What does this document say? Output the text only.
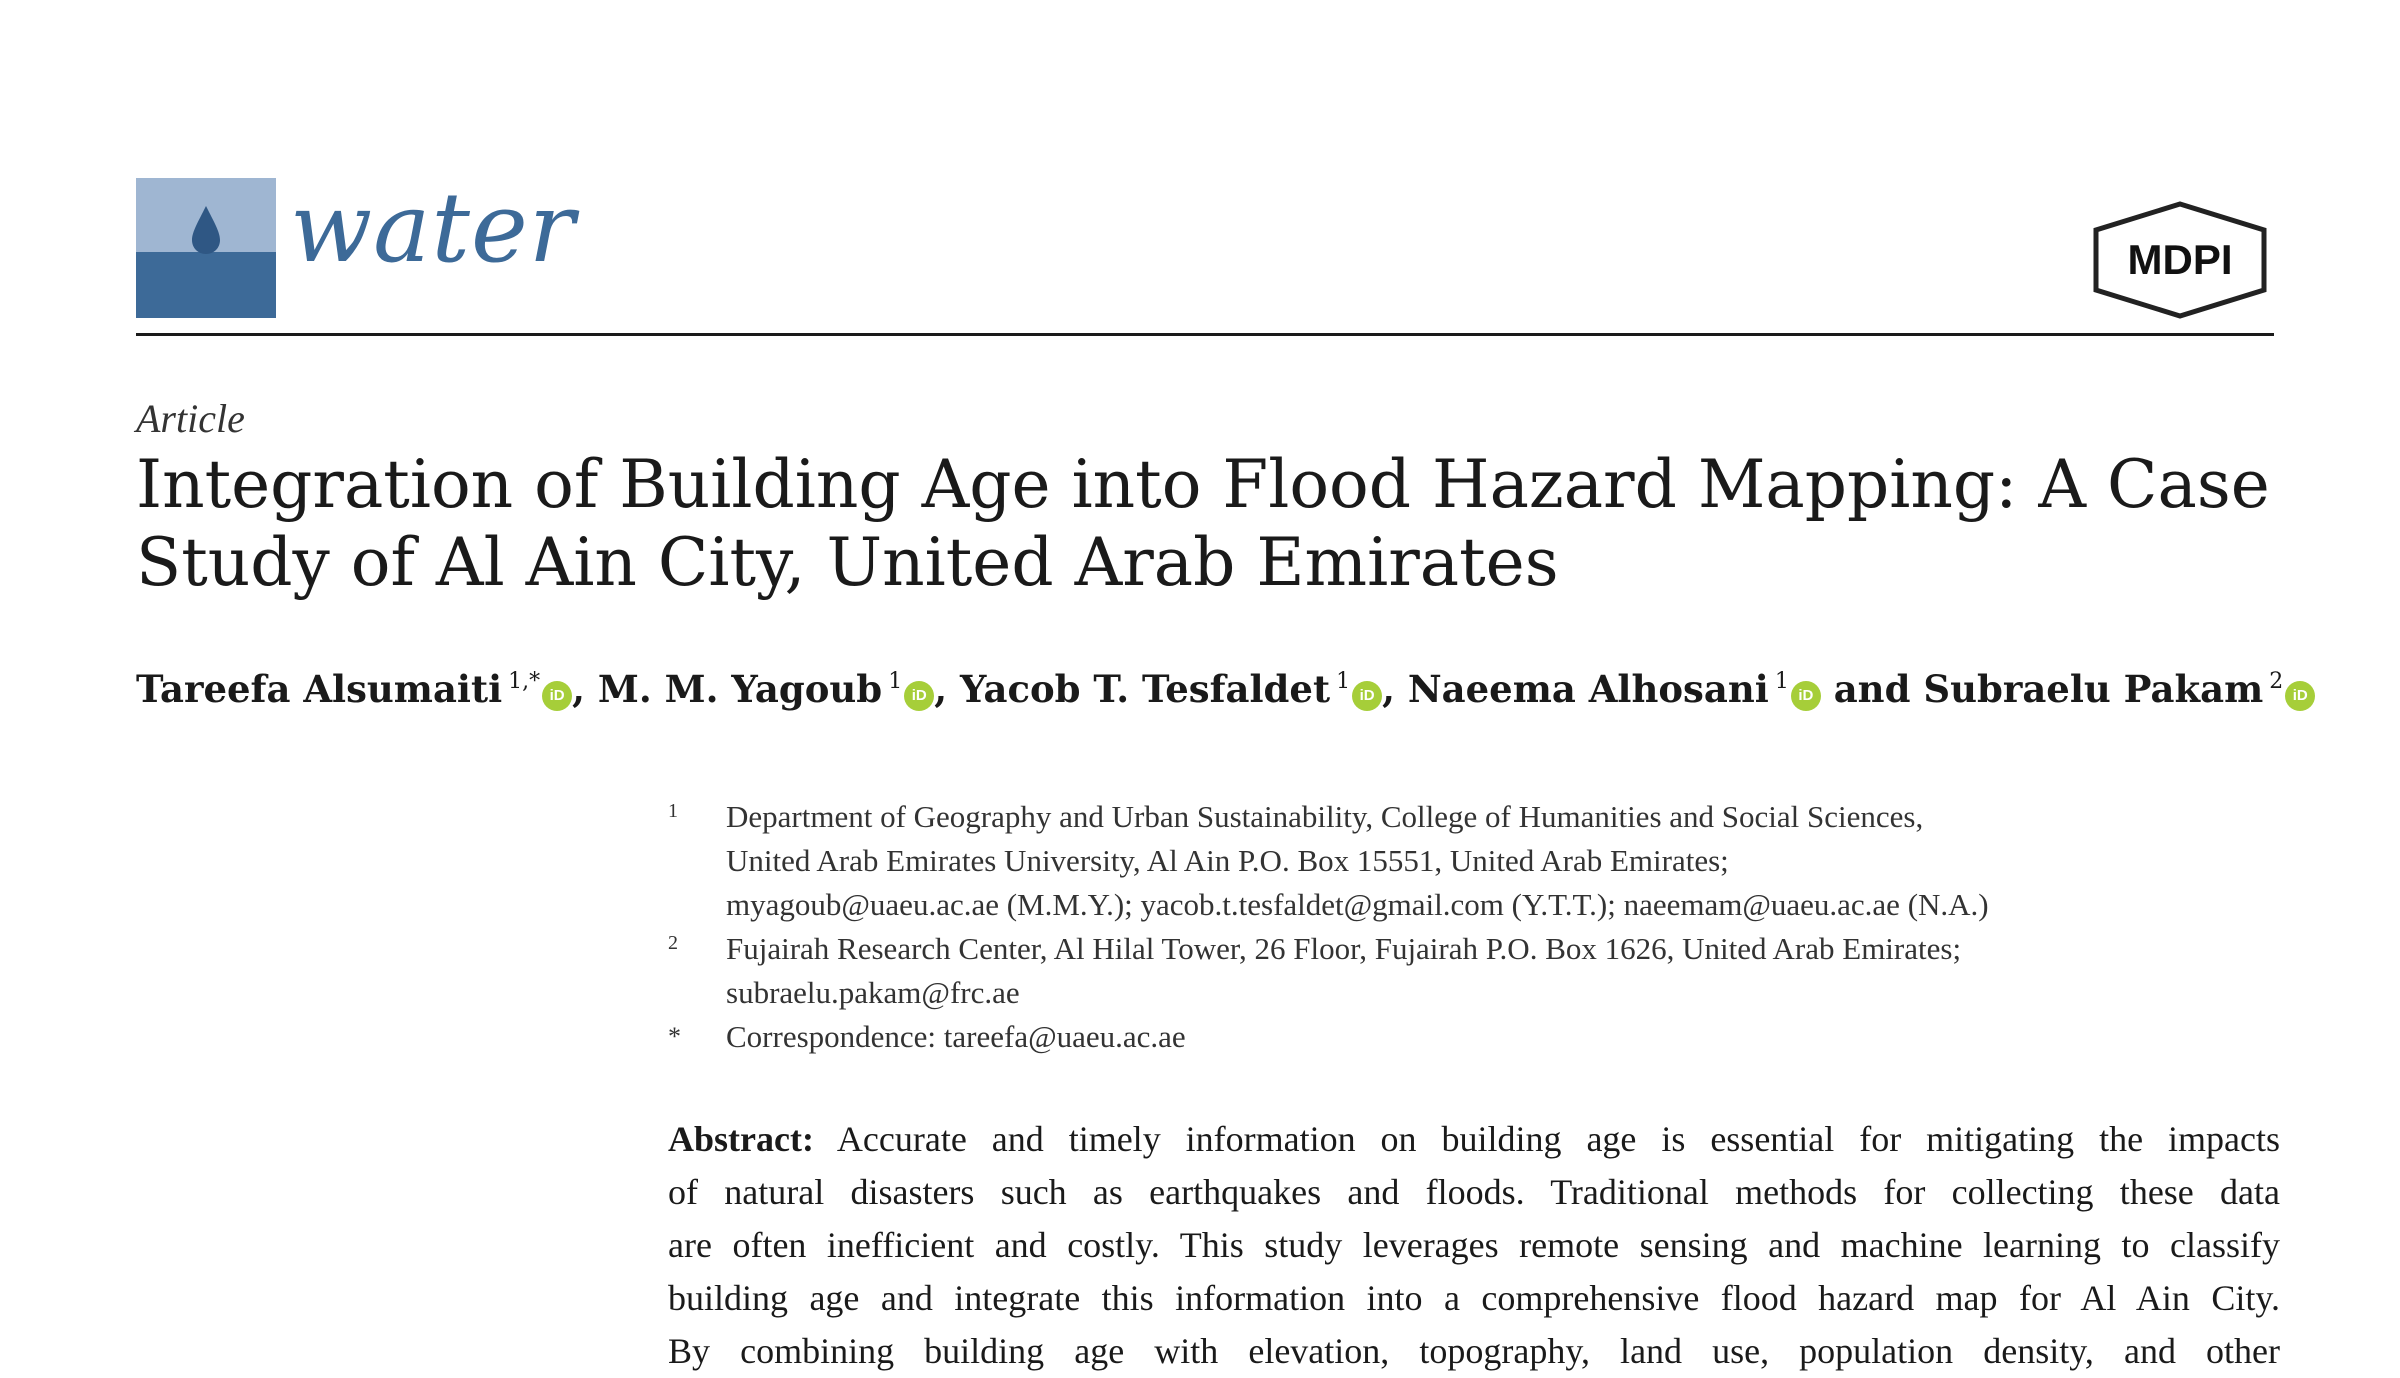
water	MDPI

Article

Integration of Building Age into Flood Hazard Mapping: A Case Study of Al Ain City, United Arab Emirates

Tareefa Alsumaiti $^{1,*}$iD , M. M. Yagoub $^1$iD , Yacob T. Tesfaldet $^1$iD , Naeema Alhosani $^1$iD and Subraelu Pakam $^2$iD

1 Department of Geography and Urban Sustainability, College of Humanities and Social Sciences,
United Arab Emirates University, Al Ain P.O. Box 15551, United Arab Emirates;
myagoub@uaeu.ac.ae (M.M.Y.); yacob.t.tesfaldet@gmail.com (Y.T.T.); naeemam@uaeu.ac.ae (N.A.)
2 Fujairah Research Center, Al Hilal Tower, 26 Floor, Fujairah P.O. Box 1626, United Arab Emirates;
subraelu.pakam@frc.ae
* Correspondence: tareefa@uaeu.ac.ae
Abstract: Accurate and timely information on building age is essential for mitigating the impacts
of natural disasters such as earthquakes and floods. Traditional methods for collecting these data
are often inefficient and costly. This study leverages remote sensing and machine learning to classify
building age and integrate this information into a comprehensive flood hazard map for Al Ain City.
By combining building age with elevation, topography, land use, population density, and other
